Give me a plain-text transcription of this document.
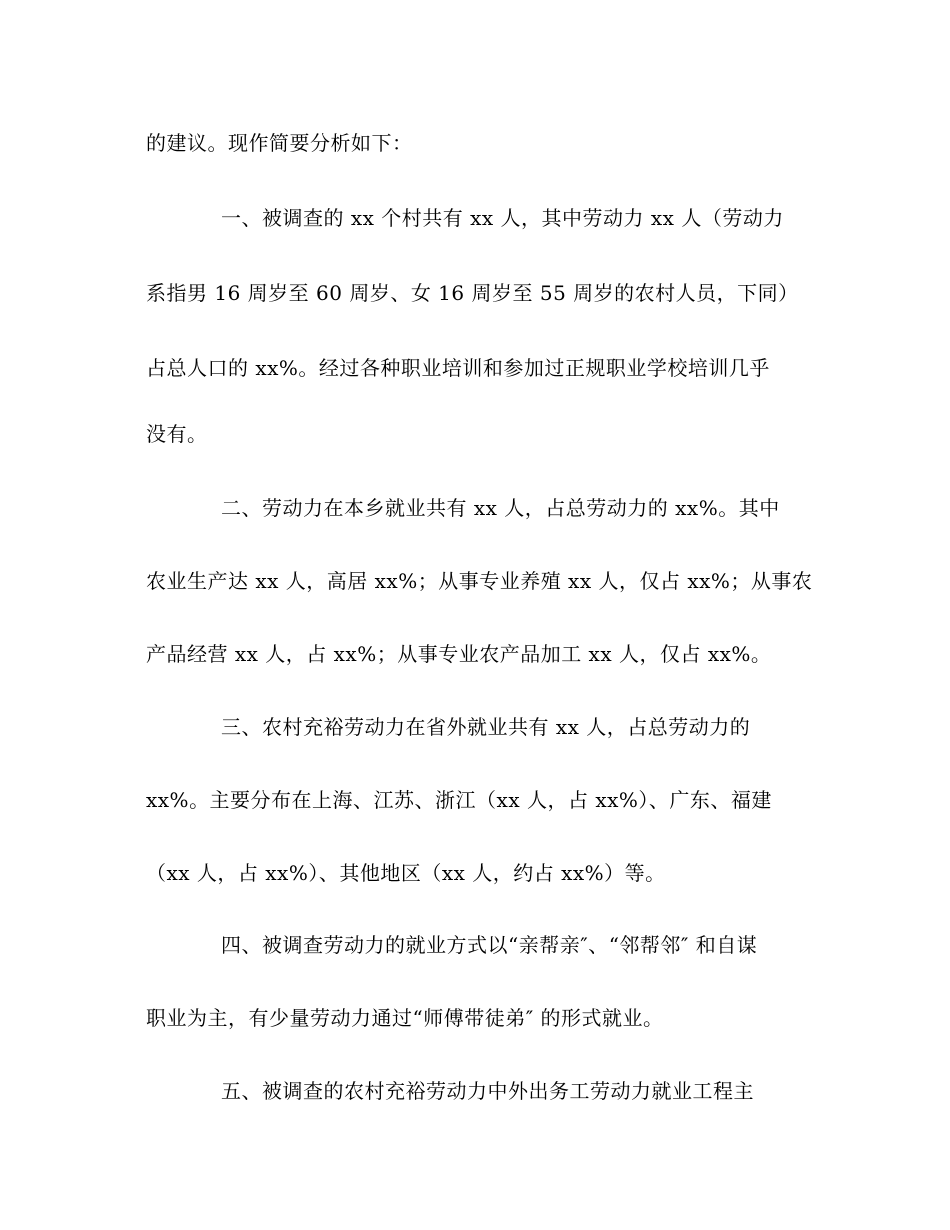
的建议。现作简要分析如下：
一、被调查的 xx 个村共有 xx 人，其中劳动力 xx 人（劳动力
系指男 16 周岁至 60 周岁、女 16 周岁至 55 周岁的农村人员，下同）
占总人口的 xx%。经过各种职业培训和参加过正规职业学校培训几乎
没有。
二、劳动力在本乡就业共有 xx 人，占总劳动力的 xx%。其中
农业生产达 xx 人，高居 xx%；从事专业养殖 xx 人，仅占 xx%；从事农
产品经营 xx 人，占 xx%；从事专业农产品加工 xx 人，仅占 xx%。
三、农村充裕劳动力在省外就业共有 xx 人，占总劳动力的
xx%。主要分布在上海、江苏、浙江（xx 人，占 xx%）、广东、福建
（xx 人，占 xx%）、其他地区（xx 人，约占 xx%）等。
四、被调查劳动力的就业方式以“亲帮亲″、“邻帮邻″ 和自谋
职业为主，有少量劳动力通过“师傅带徒弟″ 的形式就业。
五、被调查的农村充裕劳动力中外出务工劳动力就业工程主
